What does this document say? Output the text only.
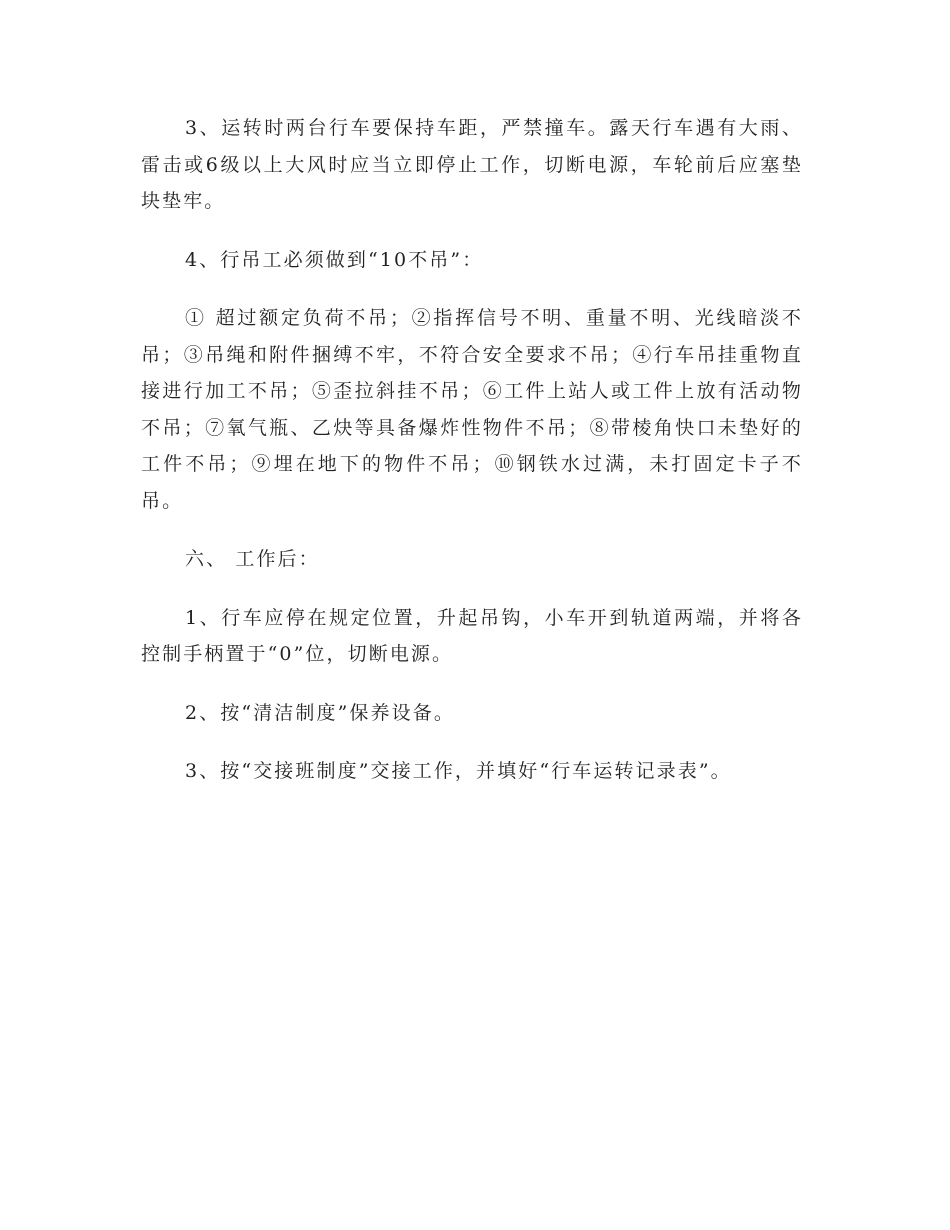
3、运转时两台行车要保持车距，严禁撞车。露天行车遇有大雨、雷击或6级以上大风时应当立即停止工作，切断电源，车轮前后应塞垫块垫牢。

4、行吊工必须做到“10不吊”：

① 超过额定负荷不吊；②指挥信号不明、重量不明、光线暗淡不吊；③吊绳和附件捆缚不牢，不符合安全要求不吊；④行车吊挂重物直接进行加工不吊；⑤歪拉斜挂不吊；⑥工件上站人或工件上放有活动物不吊；⑦氧气瓶、乙炔等具备爆炸性物件不吊；⑧带棱角快口未垫好的工件不吊；⑨埋在地下的物件不吊；⑩钢铁水过满，未打固定卡子不吊。

六、 工作后：

1、行车应停在规定位置，升起吊钩，小车开到轨道两端，并将各控制手柄置于“0”位，切断电源。

2、按“清洁制度”保养设备。

3、按“交接班制度”交接工作，并填好“行车运转记录表”。
